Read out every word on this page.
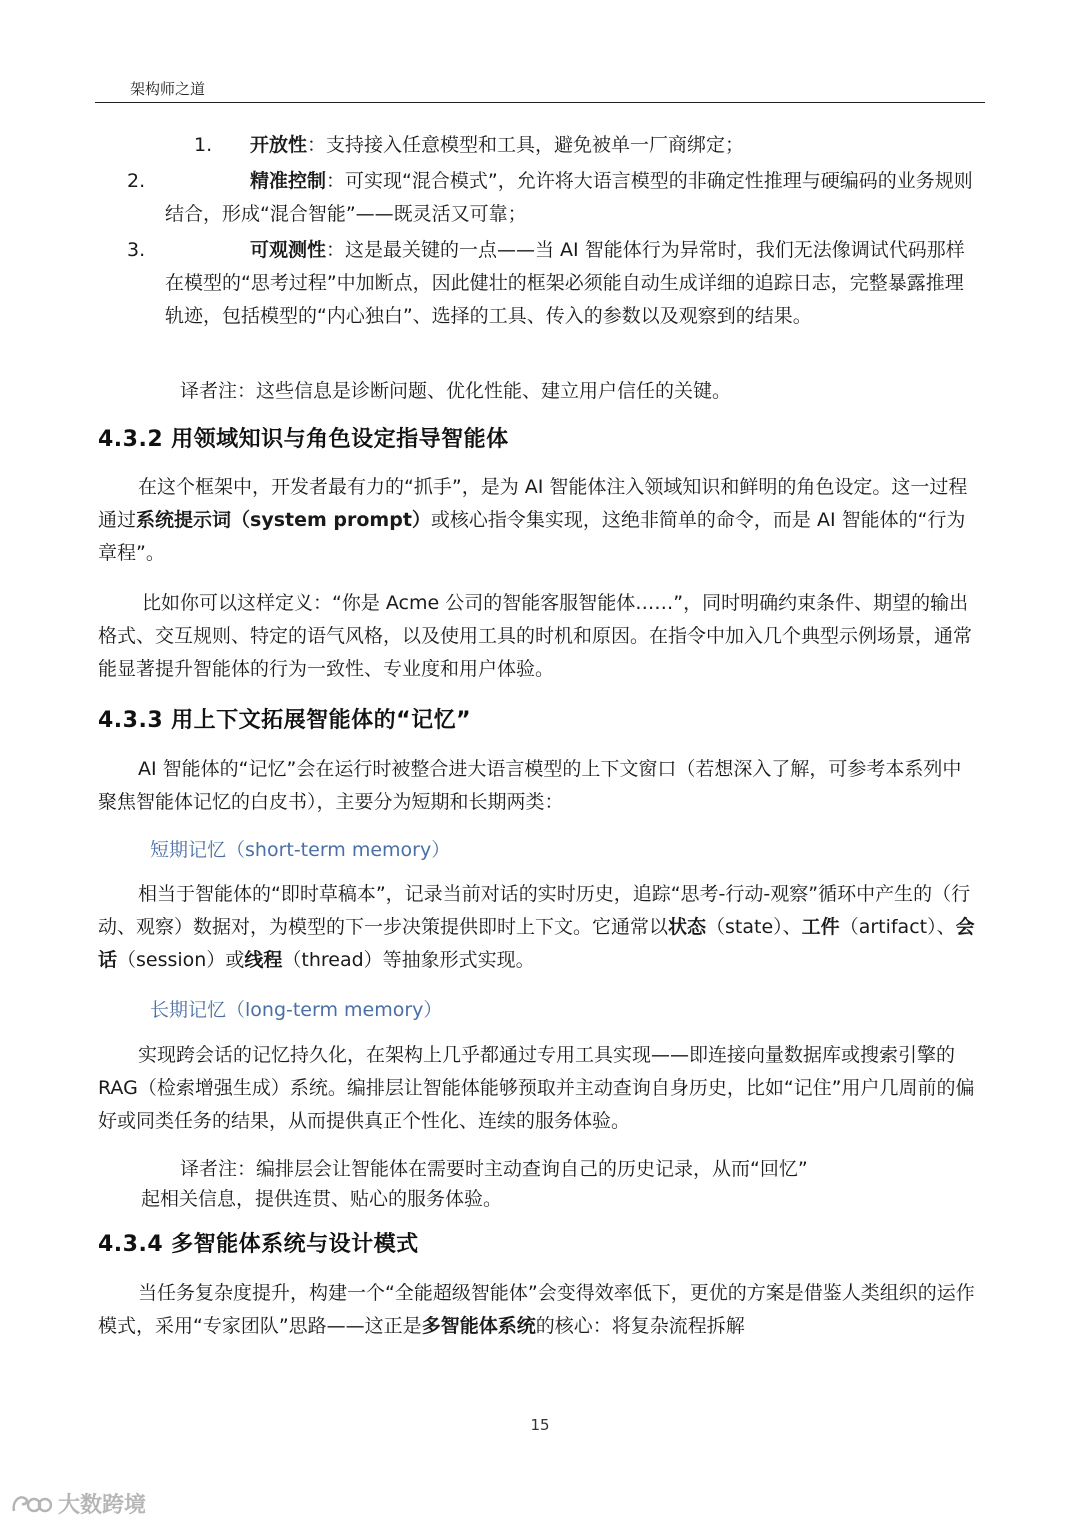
架构师之道

1. 开放性：支持接入任意模型和工具，避免被单一厂商绑定；

2.	精准控制：可实现“混合模式”，允许将大语言模型的非确定性推理与硬编码的业务规则结合，形成“混合智能”——既灵活又可靠；

3.	可观测性：这是最关键的一点——当 AI 智能体行为异常时，我们无法像调试代码那样在模型的“思考过程”中加断点，因此健壮的框架必须能自动生成详细的追踪日志，完整暴露推理轨迹，包括模型的“内心独白”、选择的工具、传入的参数以及观察到的结果。

译者注：这些信息是诊断问题、优化性能、建立用户信任的关键。

4.3.2 用领域知识与角色设定指导智能体

在这个框架中，开发者最有力的“抓手”，是为 AI 智能体注入领域知识和鲜明的角色设定。这一过程通过系统提示词（system prompt）或核心指令集实现，这绝非简单的命令，而是 AI 智能体的“行为章程”。

比如你可以这样定义：“你是 Acme 公司的智能客服智能体……”，同时明确约束条件、期望的输出格式、交互规则、特定的语气风格，以及使用工具的时机和原因。在指令中加入几个典型示例场景，通常能显著提升智能体的行为一致性、专业度和用户体验。

4.3.3 用上下文拓展智能体的“记忆”

AI 智能体的“记忆”会在运行时被整合进大语言模型的上下文窗口（若想深入了解，可参考本系列中聚焦智能体记忆的白皮书），主要分为短期和长期两类：

短期记忆（short-term memory）

相当于智能体的“即时草稿本”，记录当前对话的实时历史，追踪“思考-行动-观察”循环中产生的（行动、观察）数据对，为模型的下一步决策提供即时上下文。它通常以状态（state）、工件（artifact）、会话（session）或线程（thread）等抽象形式实现。

长期记忆（long-term memory）

实现跨会话的记忆持久化，在架构上几乎都通过专用工具实现——即连接向量数据库或搜索引擎的 RAG（检索增强生成）系统。编排层让智能体能够预取并主动查询自身历史，比如“记住”用户几周前的偏好或同类任务的结果，从而提供真正个性化、连续的服务体验。

译者注：编排层会让智能体在需要时主动查询自己的历史记录，从而“回忆”

起相关信息，提供连贯、贴心的服务体验。

4.3.4 多智能体系统与设计模式

当任务复杂度提升，构建一个“全能超级智能体”会变得效率低下，更优的方案是借鉴人类组织的运作模式，采用“专家团队”思路——这正是多智能体系统的核心：将复杂流程拆解

15
大数跨境
